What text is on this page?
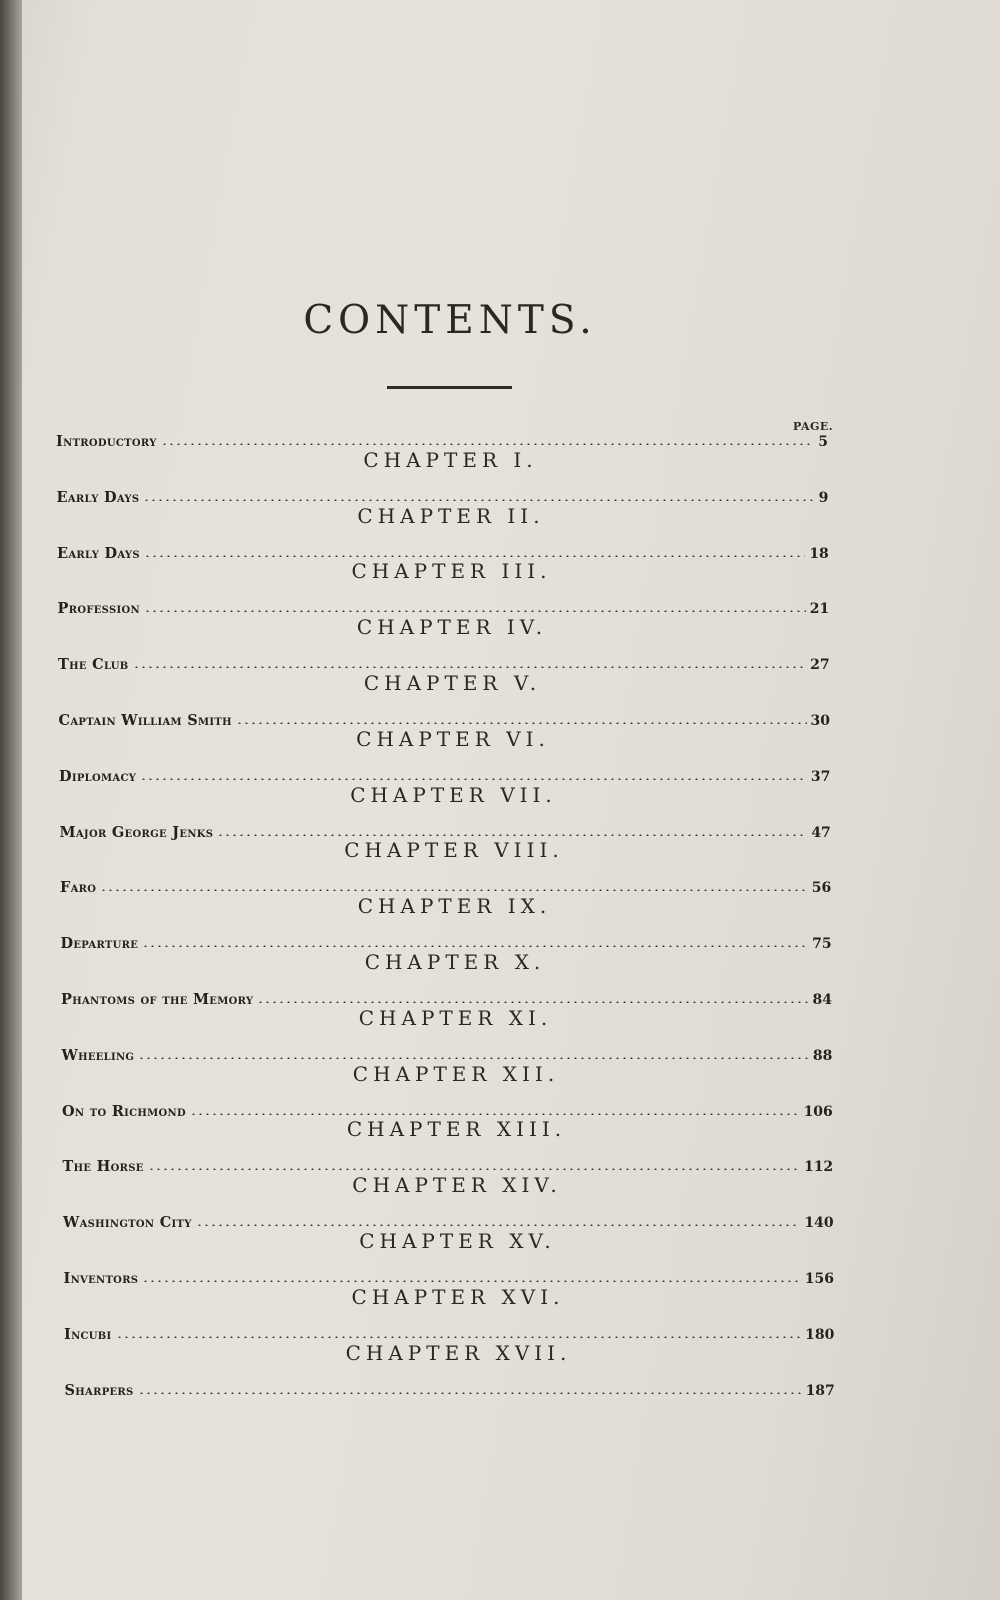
CONTENTS.
PAGE.
Introductory	5
CHAPTER I.
Early Days	9
CHAPTER II.
Early Days	18
CHAPTER III.
Profession	21
CHAPTER IV.
The Club	27
CHAPTER V.
Captain William Smith	30
CHAPTER VI.
Diplomacy	37
CHAPTER VII.
Major George Jenks	47
CHAPTER VIII.
Faro	56
CHAPTER IX.
Departure	75
CHAPTER X.
Phantoms of the Memory	84
CHAPTER XI.
Wheeling	88
CHAPTER XII.
On to Richmond	106
CHAPTER XIII.
The Horse	112
CHAPTER XIV.
Washington City	140
CHAPTER XV.
Inventors	156
CHAPTER XVI.
Incubi	180
CHAPTER XVII.
Sharpers	187
